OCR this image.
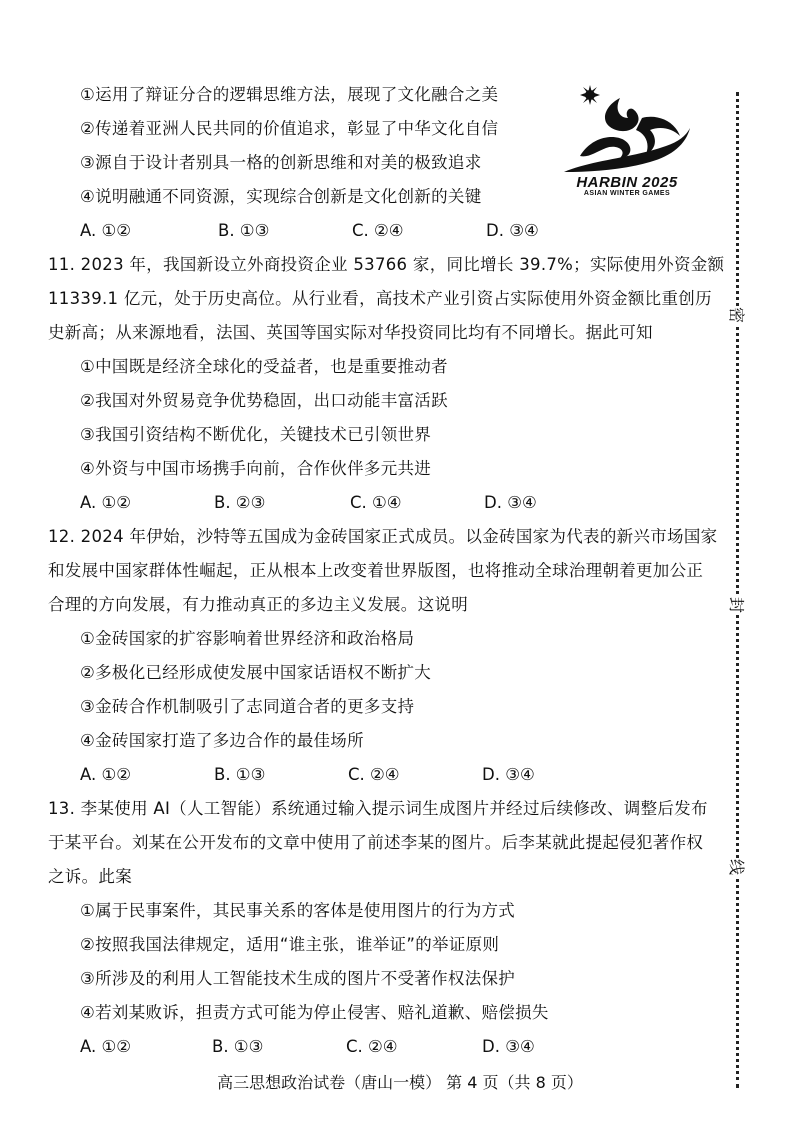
密
封
线
HARBIN 2025
ASIAN WINTER GAMES
①运用了辩证分合的逻辑思维方法，展现了文化融合之美
②传递着亚洲人民共同的价值追求，彰显了中华文化自信
③源自于设计者别具一格的创新思维和对美的极致追求
④说明融通不同资源，实现综合创新是文化创新的关键
A. ①②	B. ①③	C. ②④	D. ③④
11. 2023 年，我国新设立外商投资企业 53766 家，同比增长 39.7%；实际使用外资金额
11339.1 亿元，处于历史高位。从行业看，高技术产业引资占实际使用外资金额比重创历
史新高；从来源地看，法国、英国等国实际对华投资同比均有不同增长。据此可知
①中国既是经济全球化的受益者，也是重要推动者
②我国对外贸易竞争优势稳固，出口动能丰富活跃
③我国引资结构不断优化，关键技术已引领世界
④外资与中国市场携手向前，合作伙伴多元共进
A. ①②	B. ②③	C. ①④	D. ③④
12. 2024 年伊始，沙特等五国成为金砖国家正式成员。以金砖国家为代表的新兴市场国家
和发展中国家群体性崛起，正从根本上改变着世界版图，也将推动全球治理朝着更加公正
合理的方向发展，有力推动真正的多边主义发展。这说明
①金砖国家的扩容影响着世界经济和政治格局
②多极化已经形成使发展中国家话语权不断扩大
③金砖合作机制吸引了志同道合者的更多支持
④金砖国家打造了多边合作的最佳场所
A. ①②	B. ①③	C. ②④	D. ③④
13. 李某使用 AI（人工智能）系统通过输入提示词生成图片并经过后续修改、调整后发布
于某平台。刘某在公开发布的文章中使用了前述李某的图片。后李某就此提起侵犯著作权
之诉。此案
①属于民事案件，其民事关系的客体是使用图片的行为方式
②按照我国法律规定，适用“谁主张，谁举证”的举证原则
③所涉及的利用人工智能技术生成的图片不受著作权法保护
④若刘某败诉，担责方式可能为停止侵害、赔礼道歉、赔偿损失
A. ①②	B. ①③	C. ②④	D. ③④
高三思想政治试卷（唐山一模） 第 4 页（共 8 页）
